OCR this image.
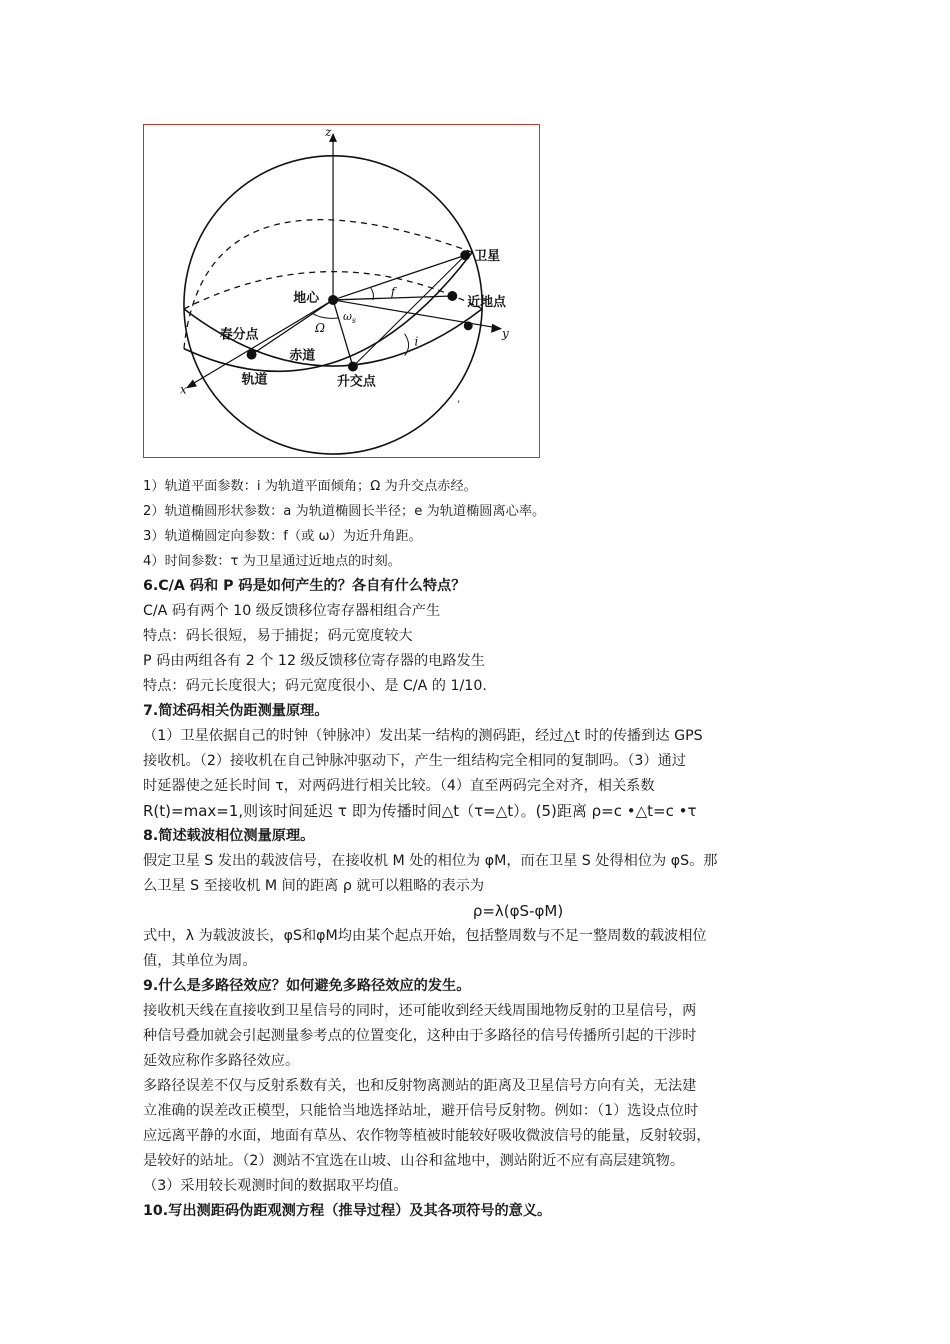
z
y
x
卫星
地心	近地点
春分点
赤道
轨道	升交点
f
Ω
$\omega_s$
i
,

1）轨道平面参数：i 为轨道平面倾角；Ω 为升交点赤经。

2）轨道椭圆形状参数：a 为轨道椭圆长半径；e 为轨道椭圆离心率。

3）轨道椭圆定向参数：f（或 ω）为近升角距。

4）时间参数：τ 为卫星通过近地点的时刻。

6.C/A 码和 P 码是如何产生的？各自有什么特点？

C/A 码有两个 10 级反馈移位寄存器相组合产生

特点：码长很短，易于捕捉；码元宽度较大

P 码由两组各有 2 个 12 级反馈移位寄存器的电路发生

特点：码元长度很大；码元宽度很小、是 C/A 的 1/10.

7.简述码相关伪距测量原理。

（1）卫星依据自己的时钟（钟脉冲）发出某一结构的测码距，经过△t 时的传播到达 GPS

接收机。（2）接收机在自己钟脉冲驱动下，产生一组结构完全相同的复制吗。（3）通过

时延器使之延长时间 τ，对两码进行相关比较。（4）直至两码完全对齐，相关系数

R(t)=max=1,则该时间延迟 τ 即为传播时间△t（τ=△t）。(5)距离 ρ=c •△t=c •τ

8.简述载波相位测量原理。

假定卫星 S 发出的载波信号，在接收机 M 处的相位为 φM，而在卫星 S 处得相位为 φS。那

么卫星 S 至接收机 M 间的距离 ρ 就可以粗略的表示为

ρ=λ(φS-φM)

式中，λ 为载波波长，φS和φM均由某个起点开始，包括整周数与不足一整周数的载波相位

值，其单位为周。

9.什么是多路径效应？如何避免多路径效应的发生。

接收机天线在直接收到卫星信号的同时，还可能收到经天线周围地物反射的卫星信号，两

种信号叠加就会引起测量参考点的位置变化，这种由于多路径的信号传播所引起的干涉时

延效应称作多路径效应。

多路径误差不仅与反射系数有关，也和反射物离测站的距离及卫星信号方向有关，无法建

立准确的误差改正模型，只能恰当地选择站址，避开信号反射物。例如：（1）选设点位时

应远离平静的水面，地面有草丛、农作物等植被时能较好吸收微波信号的能量，反射较弱，

是较好的站址。（2）测站不宜选在山坡、山谷和盆地中，测站附近不应有高层建筑物。

（3）采用较长观测时间的数据取平均值。

10.写出测距码伪距观测方程（推导过程）及其各项符号的意义。
